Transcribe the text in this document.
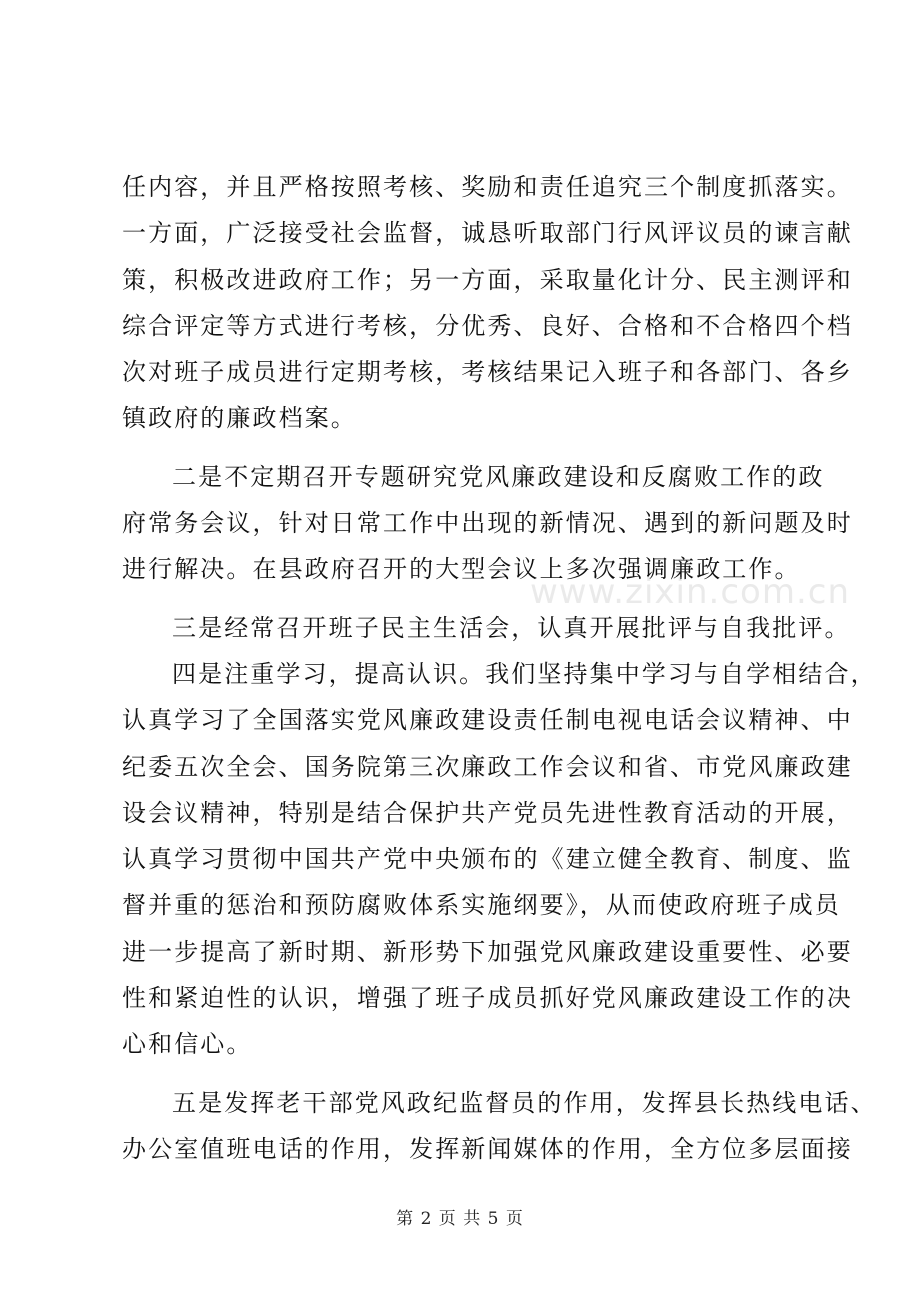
任内容，并且严格按照考核、奖励和责任追究三个制度抓落实。
一方面，广泛接受社会监督，诚恳听取部门行风评议员的谏言献
策，积极改进政府工作；另一方面，采取量化计分、民主测评和
综合评定等方式进行考核，分优秀、良好、合格和不合格四个档
次对班子成员进行定期考核，考核结果记入班子和各部门、各乡
镇政府的廉政档案。
二是不定期召开专题研究党风廉政建设和反腐败工作的政
府常务会议，针对日常工作中出现的新情况、遇到的新问题及时
进行解决。在县政府召开的大型会议上多次强调廉政工作。
三是经常召开班子民主生活会，认真开展批评与自我批评。
四是注重学习，提高认识。我们坚持集中学习与自学相结合，
认真学习了全国落实党风廉政建设责任制电视电话会议精神、中
纪委五次全会、国务院第三次廉政工作会议和省、市党风廉政建
设会议精神，特别是结合保护共产党员先进性教育活动的开展，
认真学习贯彻中国共产党中央颁布的《建立健全教育、制度、监
督并重的惩治和预防腐败体系实施纲要》，从而使政府班子成员
进一步提高了新时期、新形势下加强党风廉政建设重要性、必要
性和紧迫性的认识，增强了班子成员抓好党风廉政建设工作的决
心和信心。
五是发挥老干部党风政纪监督员的作用，发挥县长热线电话、
办公室值班电话的作用，发挥新闻媒体的作用，全方位多层面接
www.zixin.com.cn
第 2 页 共 5 页
